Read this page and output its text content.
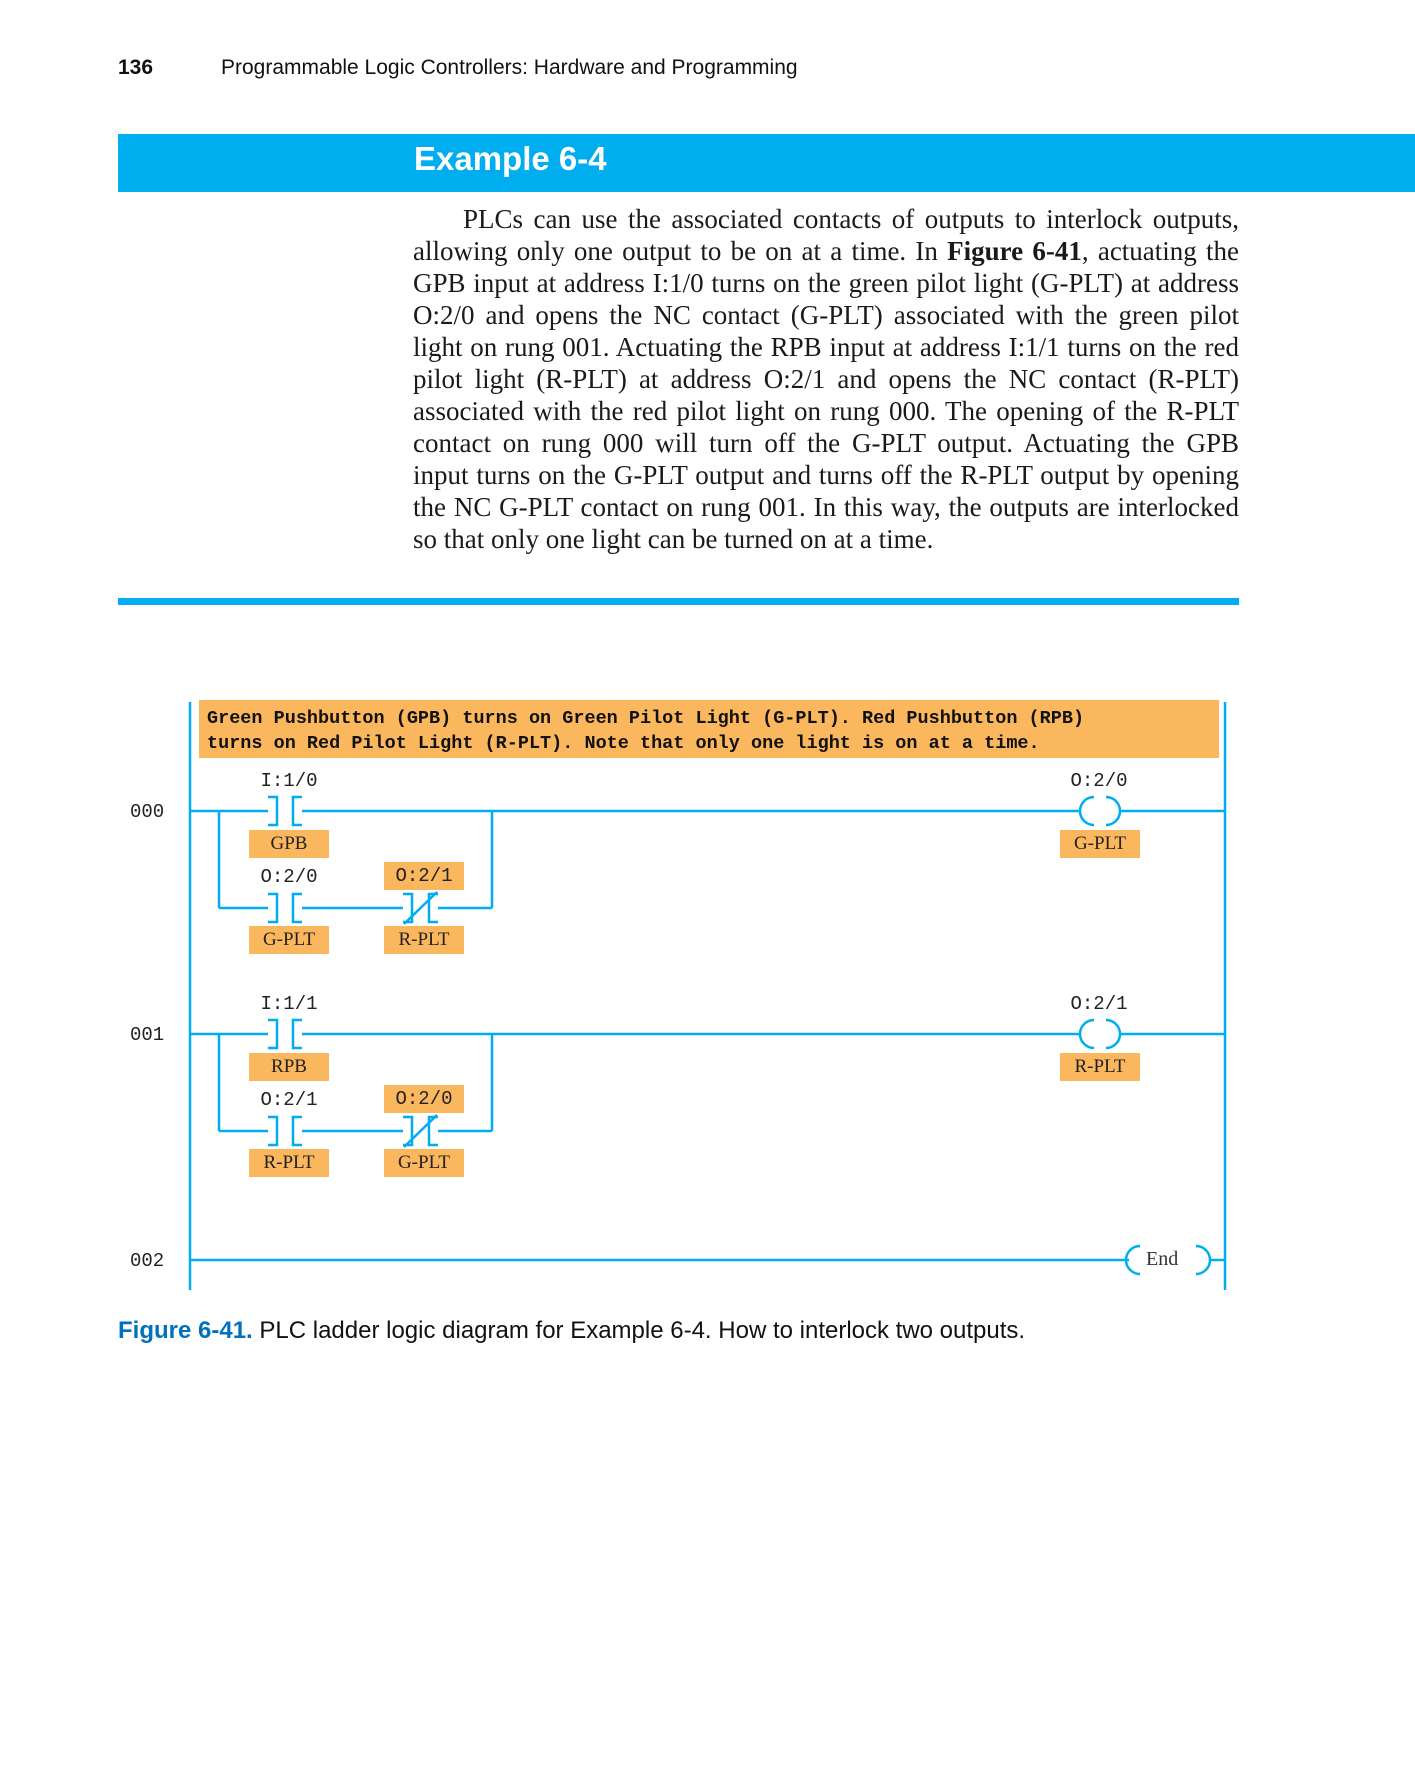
136	Programmable Logic Controllers: Hardware and Programming
Example 6-4

PLCs can use the associated contacts of outputs to interlock outputs, allowing only one output to be on at a time. In Figure 6-41, actuating the GPB input at address I:1/0 turns on the green pilot light (G-PLT) at address O:2/0 and opens the NC contact (G-PLT) associated with the green pilot light on rung 001. Actuating the RPB input at address I:1/1 turns on the red pilot light (R-PLT) at address O:2/1 and opens the NC contact (R-PLT) associated with the red pilot light on rung 000. The opening of the R-PLT contact on rung 000 will turn off the G-PLT output. Actuating the GPB input turns on the G-PLT output and turns off the R-PLT output by opening the NC G-PLT contact on rung 001. In this way, the outputs are interlocked so that only one light can be turned on at a time.

Green Pushbutton (GPB) turns on Green Pilot Light (G-PLT). Red Pushbutton (RPB)
turns on Red Pilot Light (R-PLT). Note that only one light is on at a time.
000
I:1/0
GPB
O:2/0
G-PLT
O:2/1
R-PLT
O:2/0
G-PLT
001
I:1/1
RPB
O:2/1
R-PLT
O:2/0
G-PLT
O:2/1
R-PLT
002	End
Figure 6-41. PLC ladder logic diagram for Example 6-4. How to interlock two outputs.
